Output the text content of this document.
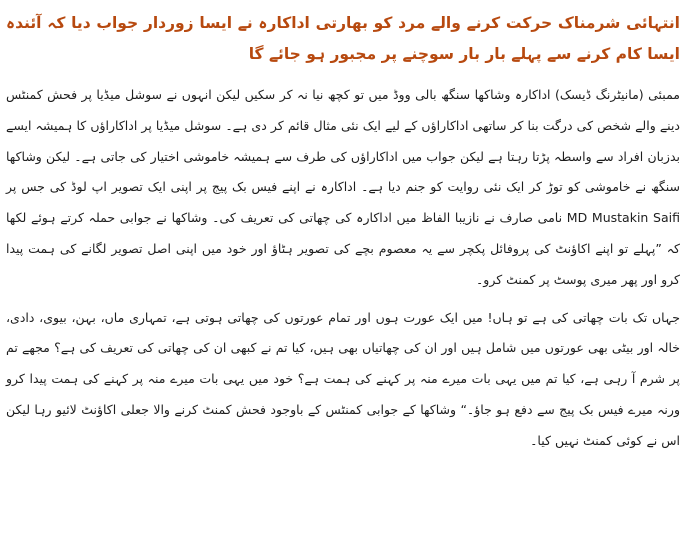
انتہائی شرمناک حرکت کرنے والے مرد کو بھارتی اداکارہ نے ایسا زوردار جواب دیا کہ آئندہ ایسا کام کرنے سے پہلے بار بار سوچنے پر مجبور ہو جائے گا

ممبئی (مانیٹرنگ ڈیسک) اداکارہ وشاکھا سنگھ بالی ووڈ میں تو کچھ نیا نہ کر سکیں لیکن انہوں نے سوشل میڈیا پر فحش کمنٹس دینے والے شخص کی درگت بنا کر ساتھی اداکاراؤں کے لیے ایک نئی مثال قائم کر دی ہے۔ سوشل میڈیا پر اداکاراؤں کا ہمیشہ ایسے بدزبان افراد سے واسطہ پڑتا رہتا ہے لیکن جواب میں اداکاراؤں کی طرف سے ہمیشہ خاموشی اختیار کی جاتی ہے۔ لیکن وشاکھا سنگھ نے خاموشی کو توڑ کر ایک نئی روایت کو جنم دیا ہے۔ اداکارہ نے اپنے فیس بک پیج پر اپنی ایک تصویر اپ لوڈ کی جس پر MD Mustakin Saifi نامی صارف نے نازیبا الفاظ میں اداکارہ کی چھاتی کی تعریف کی۔ وشاکھا نے جوابی حملہ کرتے ہوئے لکھا کہ ”پہلے تو اپنے اکاؤنٹ کی پروفائل پکچر سے یہ معصوم بچے کی تصویر ہٹاؤ اور خود میں اپنی اصل تصویر لگانے کی ہمت پیدا کرو اور پھر میری پوسٹ پر کمنٹ کرو۔

جہاں تک بات چھاتی کی ہے تو ہاں! میں ایک عورت ہوں اور تمام عورتوں کی چھاتی ہوتی ہے، تمہاری ماں، بہن، بیوی، دادی، خالہ اور بیٹی بھی عورتوں میں شامل ہیں اور ان کی چھاتیاں بھی ہیں، کیا تم نے کبھی ان کی چھاتی کی تعریف کی ہے؟ مجھے تم پر شرم آ رہی ہے، کیا تم میں یہی بات میرے منہ پر کہنے کی ہمت ہے؟ خود میں یہی بات میرے منہ پر کہنے کی ہمت پیدا کرو ورنہ میرے فیس بک پیج سے دفع ہو جاؤ۔“ وشاکھا کے جوابی کمنٹس کے باوجود فحش کمنٹ کرنے والا جعلی اکاؤنٹ لائیو رہا لیکن اس نے کوئی کمنٹ نہیں کیا۔
